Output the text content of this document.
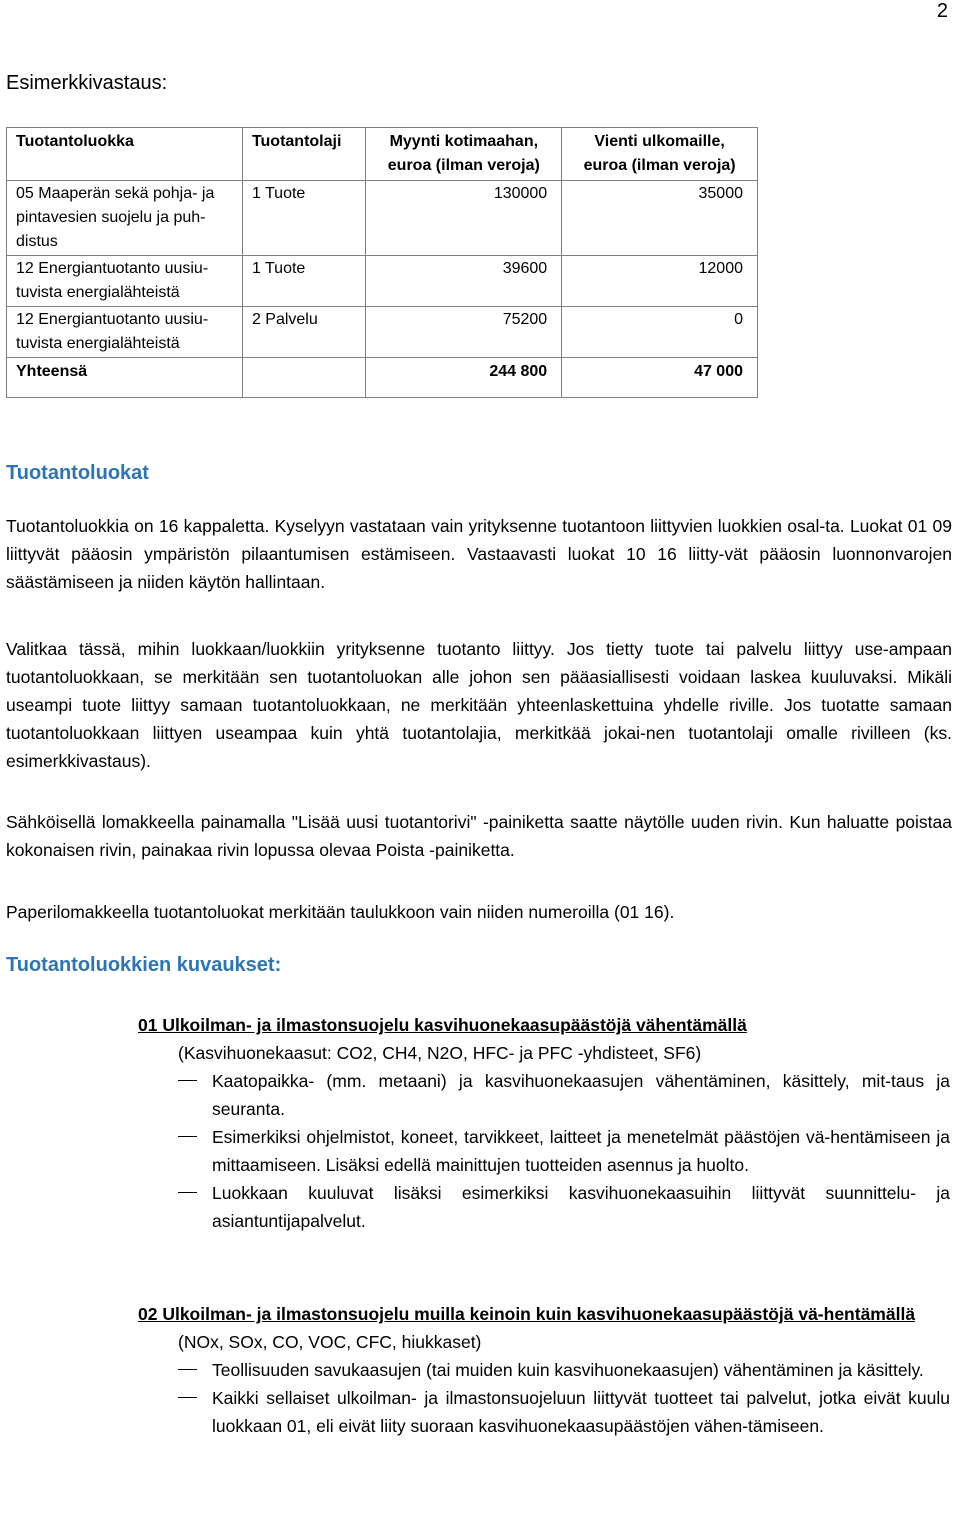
2
Esimerkkivastaus:
Tuotantoluokka	Tuotantolaji	Myynti kotimaahan,
euroa (ilman veroja)	Vienti ulkomaille,
euroa (ilman veroja)
05 Maaperän sekä pohja- ja
pintavesien suojelu ja puh-
distus	1 Tuote	130000	35000
12 Energiantuotanto uusiu-
tuvista energialähteistä	1 Tuote	39600	12000
12 Energiantuotanto uusiu-
tuvista energialähteistä	2 Palvelu	75200	0
Yhteensä		244 800	47 000
Tuotantoluokat
Tuotantoluokkia on 16 kappaletta. Kyselyyn vastataan vain yrityksenne tuotantoon liittyvien luokkien osal-ta. Luokat 01 09 liittyvät pääosin ympäristön pilaantumisen estämiseen. Vastaavasti luokat 10 16 liitty-vät pääosin luonnonvarojen säästämiseen ja niiden käytön hallintaan.
Valitkaa tässä, mihin luokkaan/luokkiin yrityksenne tuotanto liittyy. Jos tietty tuote tai palvelu liittyy use-ampaan tuotantoluokkaan, se merkitään sen tuotantoluokan alle johon sen pääasiallisesti voidaan laskea kuuluvaksi. Mikäli useampi tuote liittyy samaan tuotantoluokkaan, ne merkitään yhteenlaskettuina yhdelle riville. Jos tuotatte samaan tuotantoluokkaan liittyen useampaa kuin yhtä tuotantolajia, merkitkää jokai-nen tuotantolaji omalle rivilleen (ks. esimerkkivastaus).
Sähköisellä lomakkeella painamalla "Lisää uusi tuotantorivi" -painiketta saatte näytölle uuden rivin. Kun haluatte poistaa kokonaisen rivin, painakaa rivin lopussa olevaa Poista -painiketta.
Paperilomakkeella tuotantoluokat merkitään taulukkoon vain niiden numeroilla (01 16).
Tuotantoluokkien kuvaukset:
01 Ulkoilman- ja ilmastonsuojelu kasvihuonekaasupäästöjä vähentämällä
(Kasvihuonekaasut: CO2, CH4, N2O, HFC- ja PFC -yhdisteet, SF6)
Kaatopaikka- (mm. metaani) ja kasvihuonekaasujen vähentäminen, käsittely, mit-taus ja seuranta.
Esimerkiksi ohjelmistot, koneet, tarvikkeet, laitteet ja menetelmät päästöjen vä-hentämiseen ja mittaamiseen. Lisäksi edellä mainittujen tuotteiden asennus ja huolto.
Luokkaan kuuluvat lisäksi esimerkiksi kasvihuonekaasuihin liittyvät suunnittelu- ja asiantuntijapalvelut.
02 Ulkoilman- ja ilmastonsuojelu muilla keinoin kuin kasvihuonekaasupäästöjä vä-hentämällä
(NOx, SOx, CO, VOC, CFC, hiukkaset)
Teollisuuden savukaasujen (tai muiden kuin kasvihuonekaasujen) vähentäminen ja käsittely.
Kaikki sellaiset ulkoilman- ja ilmastonsuojeluun liittyvät tuotteet tai palvelut, jotka eivät kuulu luokkaan 01, eli eivät liity suoraan kasvihuonekaasupäästöjen vähen-tämiseen.
